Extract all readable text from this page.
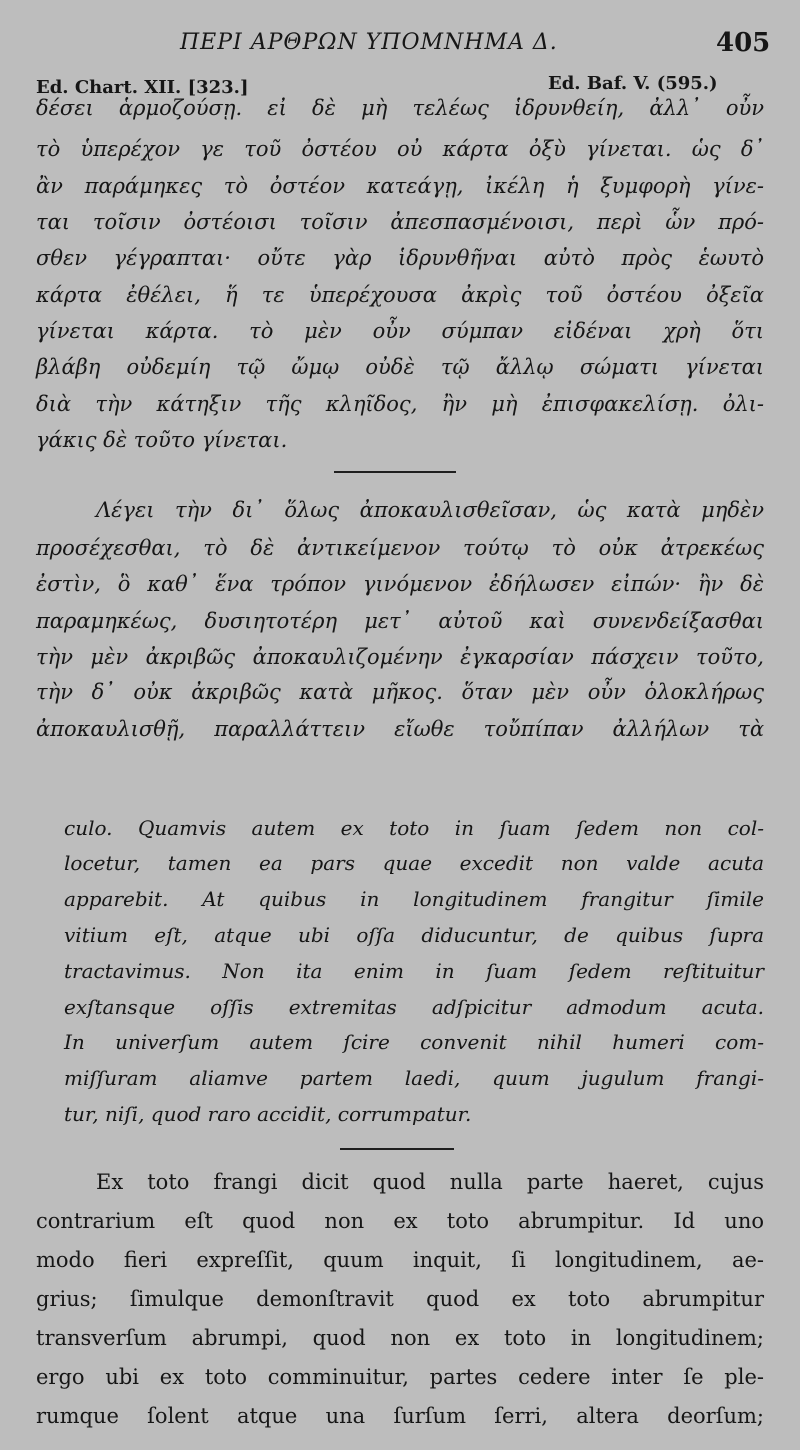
ΠΕΡΙ ΑΡΘΡΩΝ ΥΠΟΜΝΗΜΑ Δ.	405
Ed. Chart. XII. [323.]	Ed. Baf. V. (595.)
δέσει ἁρμοζούσῃ. εἰ δὲ μὴ τελέως ἱδρυνθείη, ἀλλ᾽ οὖν
τὸ ὑπερέχον γε τοῦ ὀστέου οὐ κάρτα ὀξὺ γίνεται. ὡς δ᾽
ἂν παράμηκες τὸ ὀστέον κατεάγῃ, ἰκέλη ἡ ξυμφορὴ γίνε-
ται τοῖσιν ὀστέοισι τοῖσιν ἀπεσπασμένοισι, περὶ ὧν πρό-
σθεν γέγραπται· οὔτε γὰρ ἱδρυνθῆναι αὐτὸ πρὸς ἑωυτὸ
κάρτα ἐθέλει, ἥ τε ὑπερέχουσα ἀκρὶς τοῦ ὀστέου ὀξεῖα
γίνεται κάρτα. τὸ μὲν οὖν σύμπαν εἰδέναι χρὴ ὅτι
βλάβη οὐδεμίη τῷ ὤμῳ οὐδὲ τῷ ἄλλῳ σώματι γίνεται
διὰ τὴν κάτηξιν τῆς κληῖδος, ἢν μὴ ἐπισφακελίσῃ. ὀλι-
γάκις δὲ τοῦτο γίνεται.
Λέγει τὴν δι᾽ ὅλως ἀποκαυλισθεῖσαν, ὡς κατὰ μηδὲν
προσέχεσθαι, τὸ δὲ ἀντικείμενον τούτῳ τὸ οὐκ ἀτρεκέως
ἐστὶν, ὃ καθ᾽ ἕνα τρόπον γινόμενον ἐδήλωσεν εἰπών· ἢν δὲ
παραμηκέως, δυσιητοτέρη μετ᾽ αὐτοῦ καὶ συνενδείξασθαι
τὴν μὲν ἀκριβῶς ἀποκαυλιζομένην ἐγκαρσίαν πάσχειν τοῦτο,
τὴν δ᾽ οὐκ ἀκριβῶς κατὰ μῆκος. ὅταν μὲν οὖν ὁλοκλήρως
ἀποκαυλισθῇ, παραλλάττειν εἴωθε τοὔπίπαν ἀλλήλων τὰ
culo. Quamvis autem ex toto in ſuam ſedem non col-
locetur, tamen ea pars quae excedit non valde acuta
apparebit. At quibus in longitudinem frangitur ſimile
vitium eſt, atque ubi oſſa diducuntur, de quibus ſupra
tractavimus. Non ita enim in ſuam ſedem reſtituitur
exſtansque oſſis extremitas adſpicitur admodum acuta.
In univerſum autem ſcire convenit nihil humeri com-
miſſuram aliamve partem laedi, quum jugulum frangi-
tur, niſi, quod raro accidit, corrumpatur.
Ex toto frangi dicit quod nulla parte haeret, cujus
contrarium eſt quod non ex toto abrumpitur. Id uno
modo fieri expreſſit, quum inquit, ſi longitudinem, ae-
grius; ſimulque demonſtravit quod ex toto abrumpitur
transverſum abrumpi, quod non ex toto in longitudinem;
ergo ubi ex toto comminuitur, partes cedere inter ſe ple-
rumque ſolent atque una ſurſum ſerri, altera deorſum;
